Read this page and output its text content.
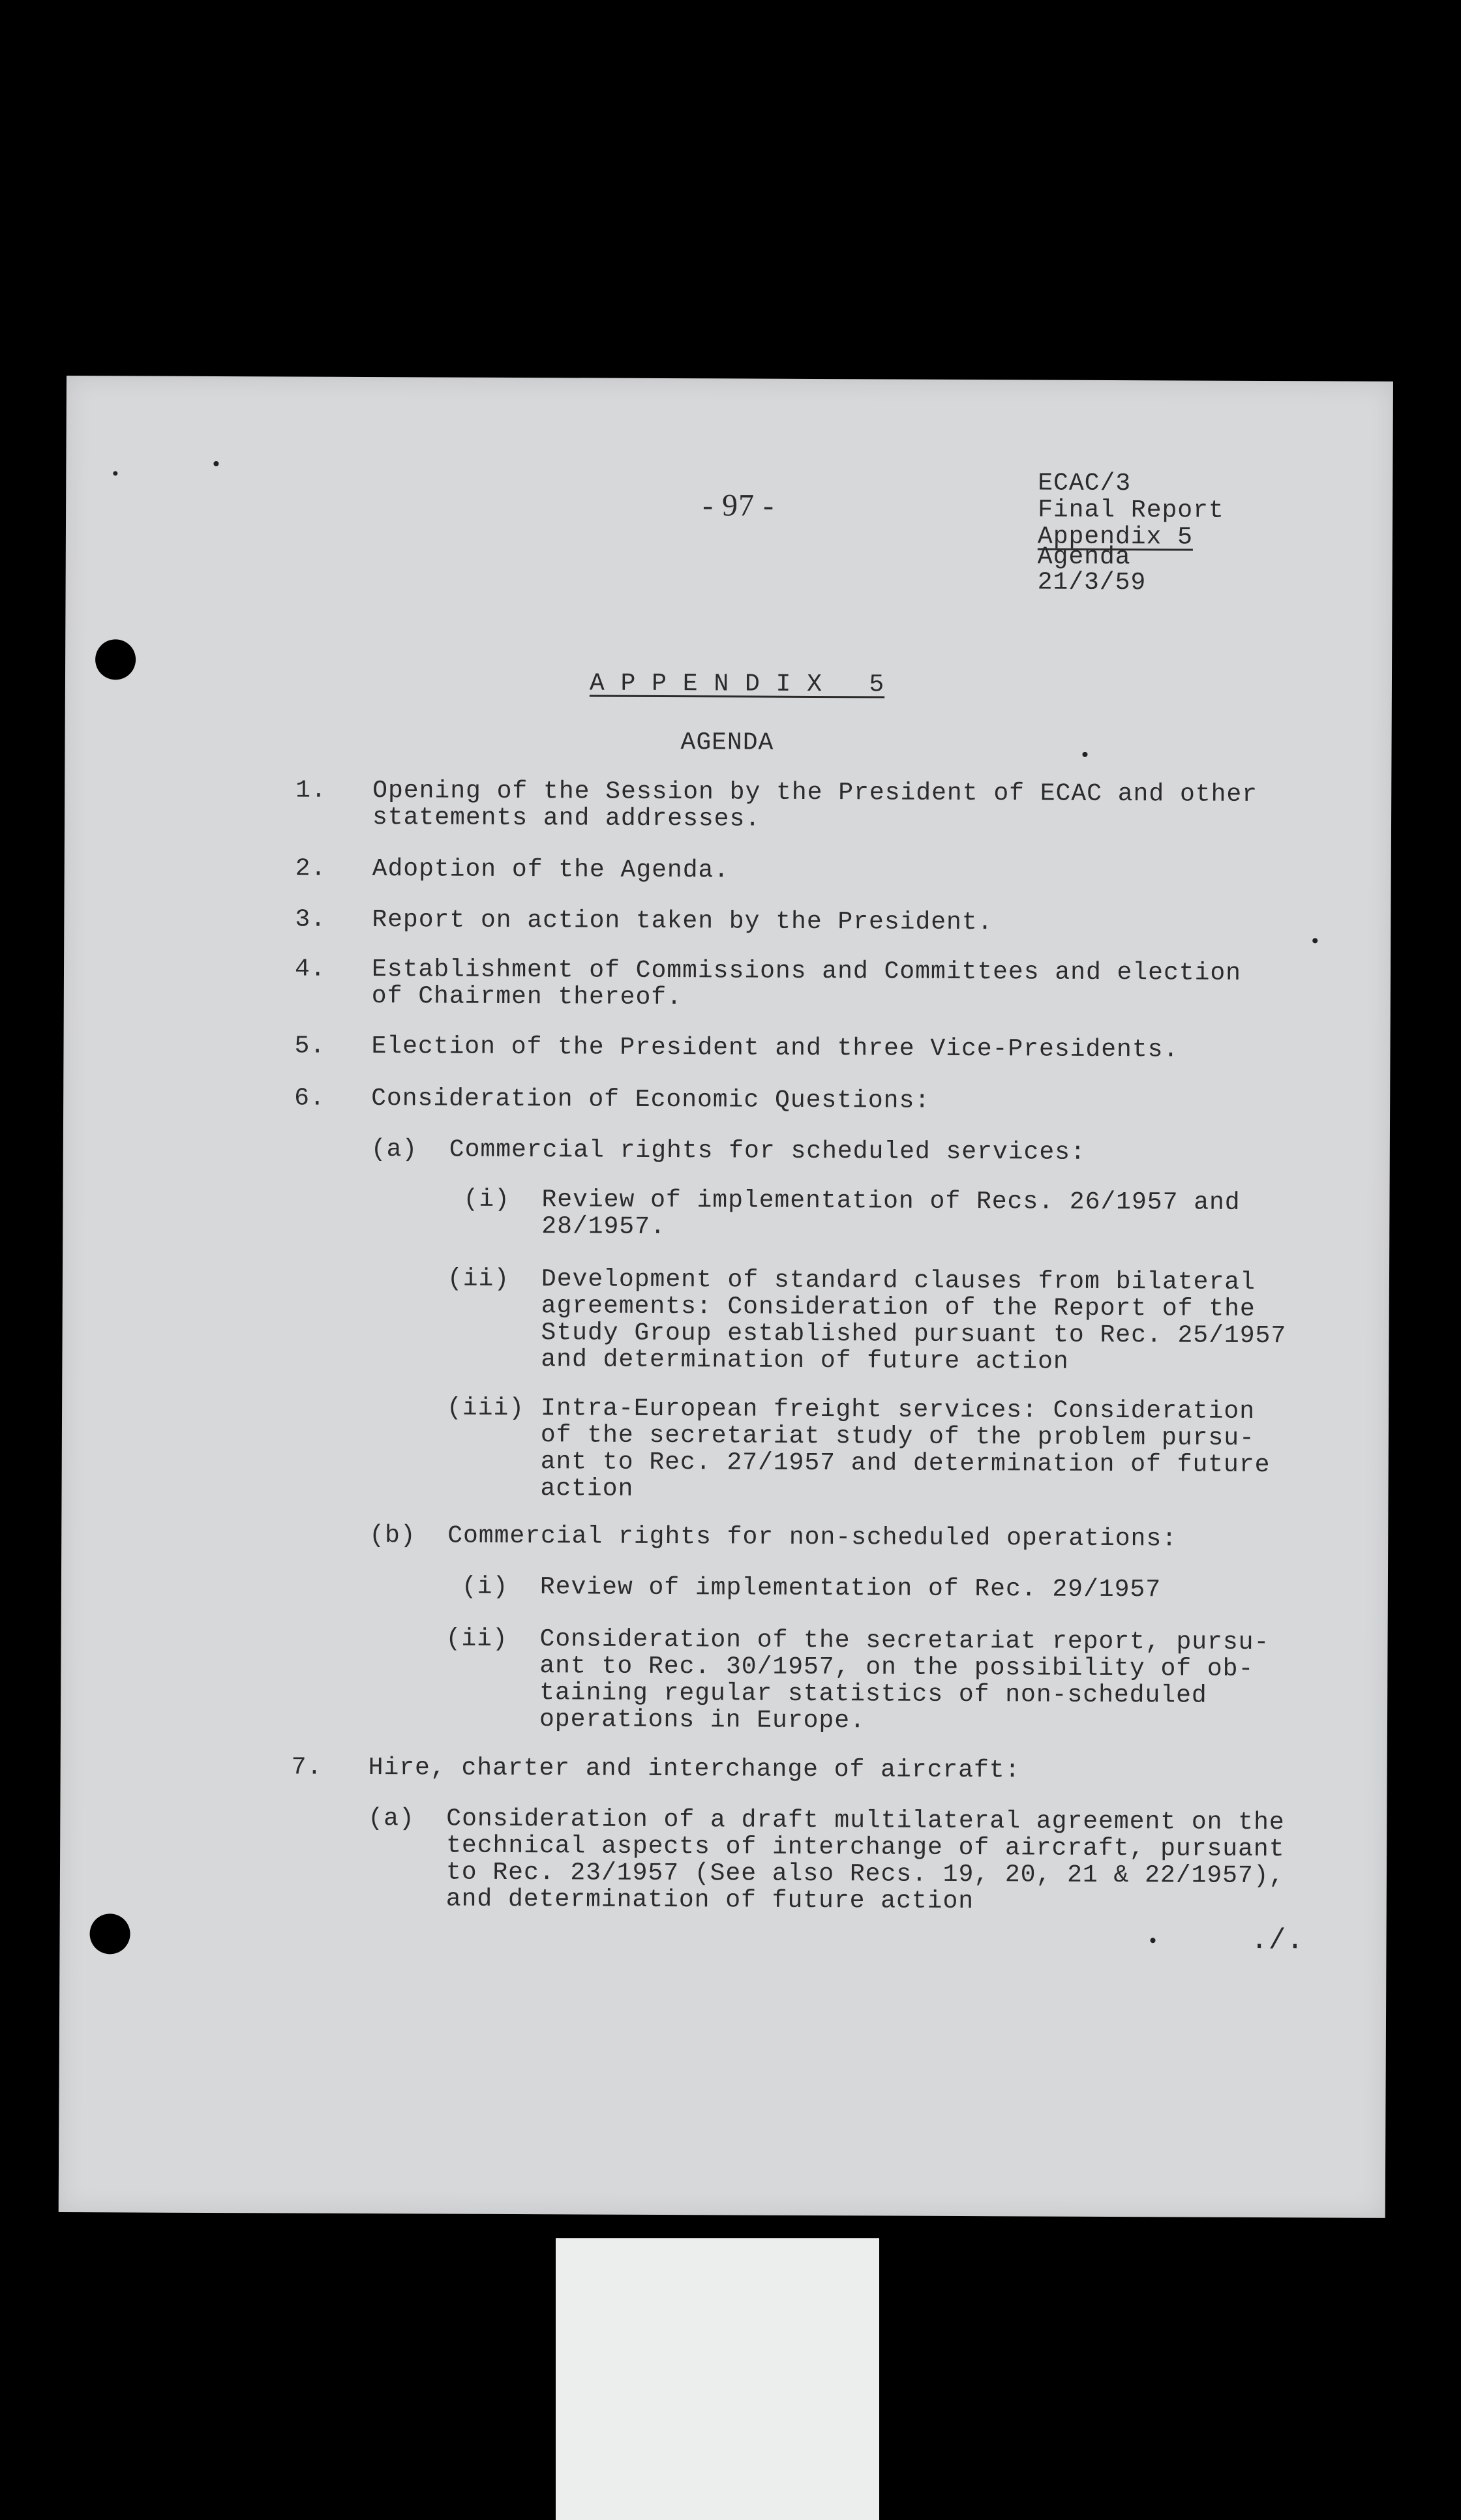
- 97 -
ECAC/3
Final Report
Appendix 5
Agenda
21/3/59
A P P E N D I X   5
AGENDA
1. Opening of the Session by the President of ECAC and other
statements and addresses.
2. Adoption of the Agenda.
3. Report on action taken by the President.
4. Establishment of Commissions and Committees and election
of Chairmen thereof.
5. Election of the President and three Vice-Presidents.
6. Consideration of Economic Questions:
(a) Commercial rights for scheduled services:
(i) Review of implementation of Recs. 26/1957 and
28/1957.
(ii) Development of standard clauses from bilateral
agreements: Consideration of the Report of the
Study Group established pursuant to Rec. 25/1957
and determination of future action
(iii) Intra-European freight services: Consideration
of the secretariat study of the problem pursu-
ant to Rec. 27/1957 and determination of future
action
(b) Commercial rights for non-scheduled operations:
(i) Review of implementation of Rec. 29/1957
(ii) Consideration of the secretariat report, pursu-
ant to Rec. 30/1957, on the possibility of ob-
taining regular statistics of non-scheduled
operations in Europe.
7. Hire, charter and interchange of aircraft:
(a) Consideration of a draft multilateral agreement on the
technical aspects of interchange of aircraft, pursuant
to Rec. 23/1957 (See also Recs. 19, 20, 21 & 22/1957),
and determination of future action
./.
